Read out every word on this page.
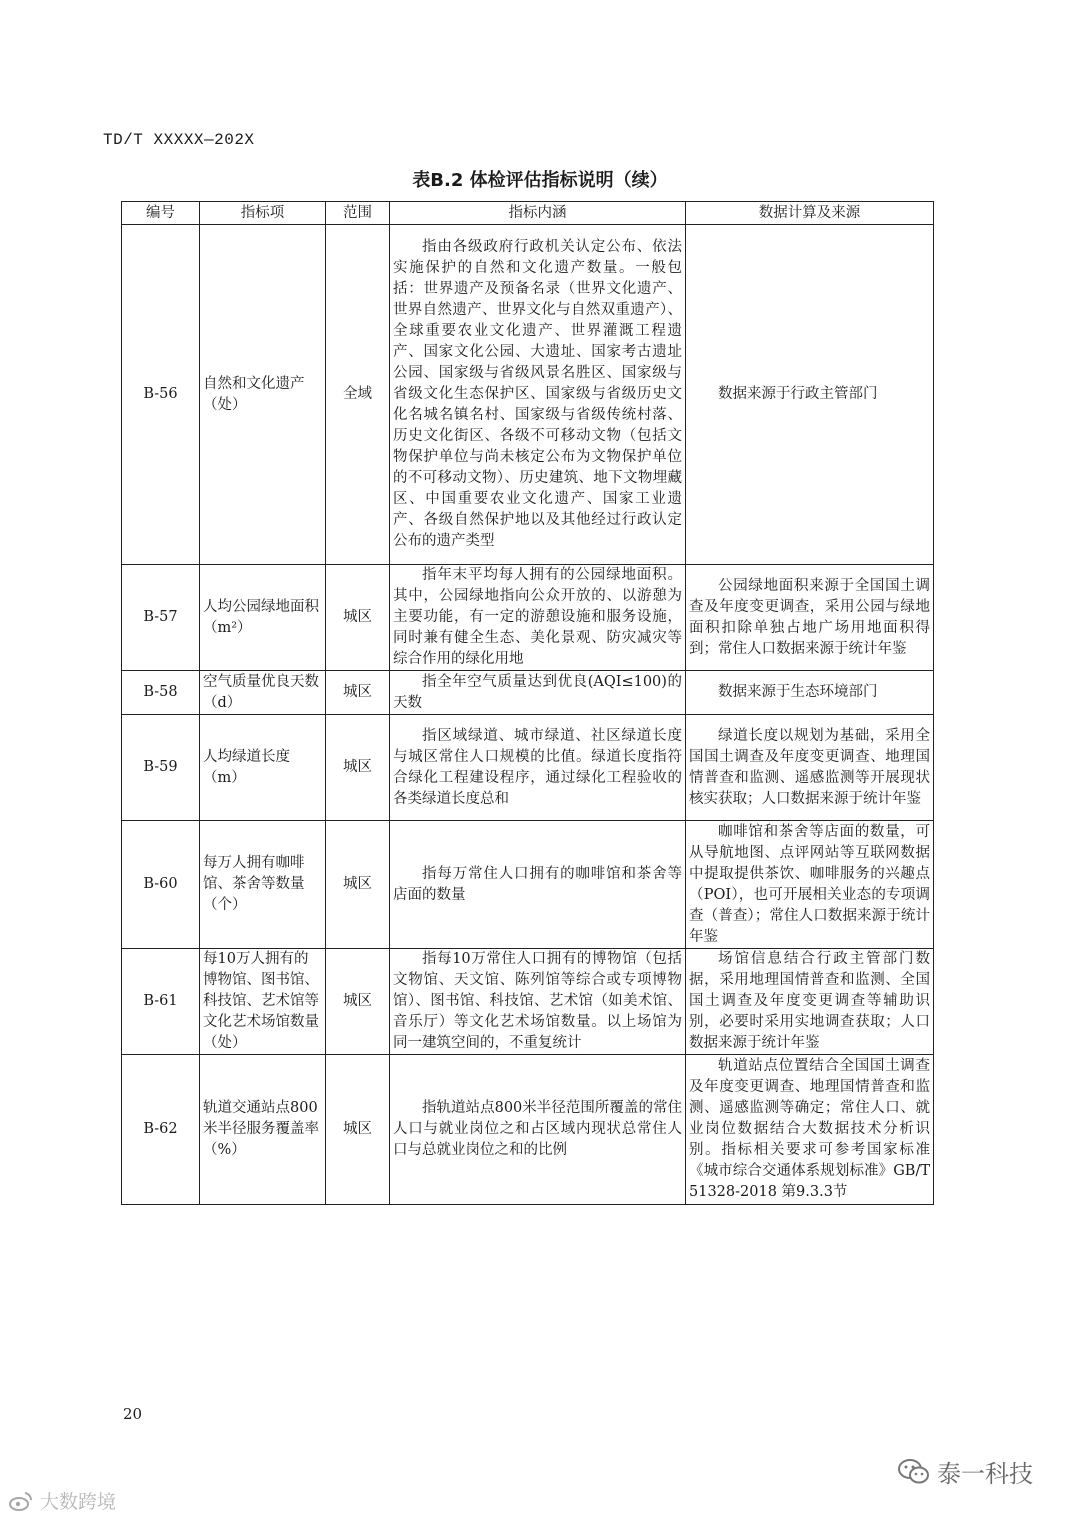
TD/T XXXXX—202X
表B.2 体检评估指标说明（续）
编号	指标项	范围	指标内涵	数据计算及来源
B-56	自然和文化遗产（处）	全域	指由各级政府行政机关认定公布、依法实施保护的自然和文化遗产数量。一般包括：世界遗产及预备名录（世界文化遗产、世界自然遗产、世界文化与自然双重遗产）、全球重要农业文化遗产、世界灌溉工程遗产、国家文化公园、大遗址、国家考古遗址公园、国家级与省级风景名胜区、国家级与省级文化生态保护区、国家级与省级历史文化名城名镇名村、国家级与省级传统村落、历史文化街区、各级不可移动文物（包括文物保护单位与尚未核定公布为文物保护单位的不可移动文物）、历史建筑、地下文物埋藏区、中国重要农业文化遗产、国家工业遗产、各级自然保护地以及其他经过行政认定公布的遗产类型	数据来源于行政主管部门
B-57	人均公园绿地面积（m²）	城区	指年末平均每人拥有的公园绿地面积。其中，公园绿地指向公众开放的、以游憩为主要功能，有一定的游憩设施和服务设施，同时兼有健全生态、美化景观、防灾减灾等综合作用的绿化用地	公园绿地面积来源于全国国土调查及年度变更调查，采用公园与绿地面积扣除单独占地广场用地面积得到；常住人口数据来源于统计年鉴
B-58	空气质量优良天数（d）	城区	指全年空气质量达到优良(AQI≤100)的天数	数据来源于生态环境部门
B-59	人均绿道长度（m）	城区	指区域绿道、城市绿道、社区绿道长度与城区常住人口规模的比值。绿道长度指符合绿化工程建设程序，通过绿化工程验收的各类绿道长度总和	绿道长度以规划为基础，采用全国国土调查及年度变更调查、地理国情普查和监测、遥感监测等开展现状核实获取；人口数据来源于统计年鉴
B-60	每万人拥有咖啡馆、茶舍等数量（个）	城区	指每万常住人口拥有的咖啡馆和茶舍等店面的数量	咖啡馆和茶舍等店面的数量，可从导航地图、点评网站等互联网数据中提取提供茶饮、咖啡服务的兴趣点（POI），也可开展相关业态的专项调查（普查）；常住人口数据来源于统计年鉴
B-61	每10万人拥有的博物馆、图书馆、科技馆、艺术馆等文化艺术场馆数量（处）	城区	指每10万常住人口拥有的博物馆（包括文物馆、天文馆、陈列馆等综合或专项博物馆）、图书馆、科技馆、艺术馆（如美术馆、音乐厅）等文化艺术场馆数量。以上场馆为同一建筑空间的，不重复统计	场馆信息结合行政主管部门数据，采用地理国情普查和监测、全国国土调查及年度变更调查等辅助识别，必要时采用实地调查获取；人口数据来源于统计年鉴
B-62	轨道交通站点800米半径服务覆盖率（%）	城区	指轨道站点800米半径范围所覆盖的常住人口与就业岗位之和占区域内现状总常住人口与总就业岗位之和的比例	轨道站点位置结合全国国土调查及年度变更调查、地理国情普查和监测、遥感监测等确定；常住人口、就业岗位数据结合大数据技术分析识别。指标相关要求可参考国家标准《城市综合交通体系规划标准》GB/T 51328-2018 第9.3.3节
20
大数跨境
泰一科技
